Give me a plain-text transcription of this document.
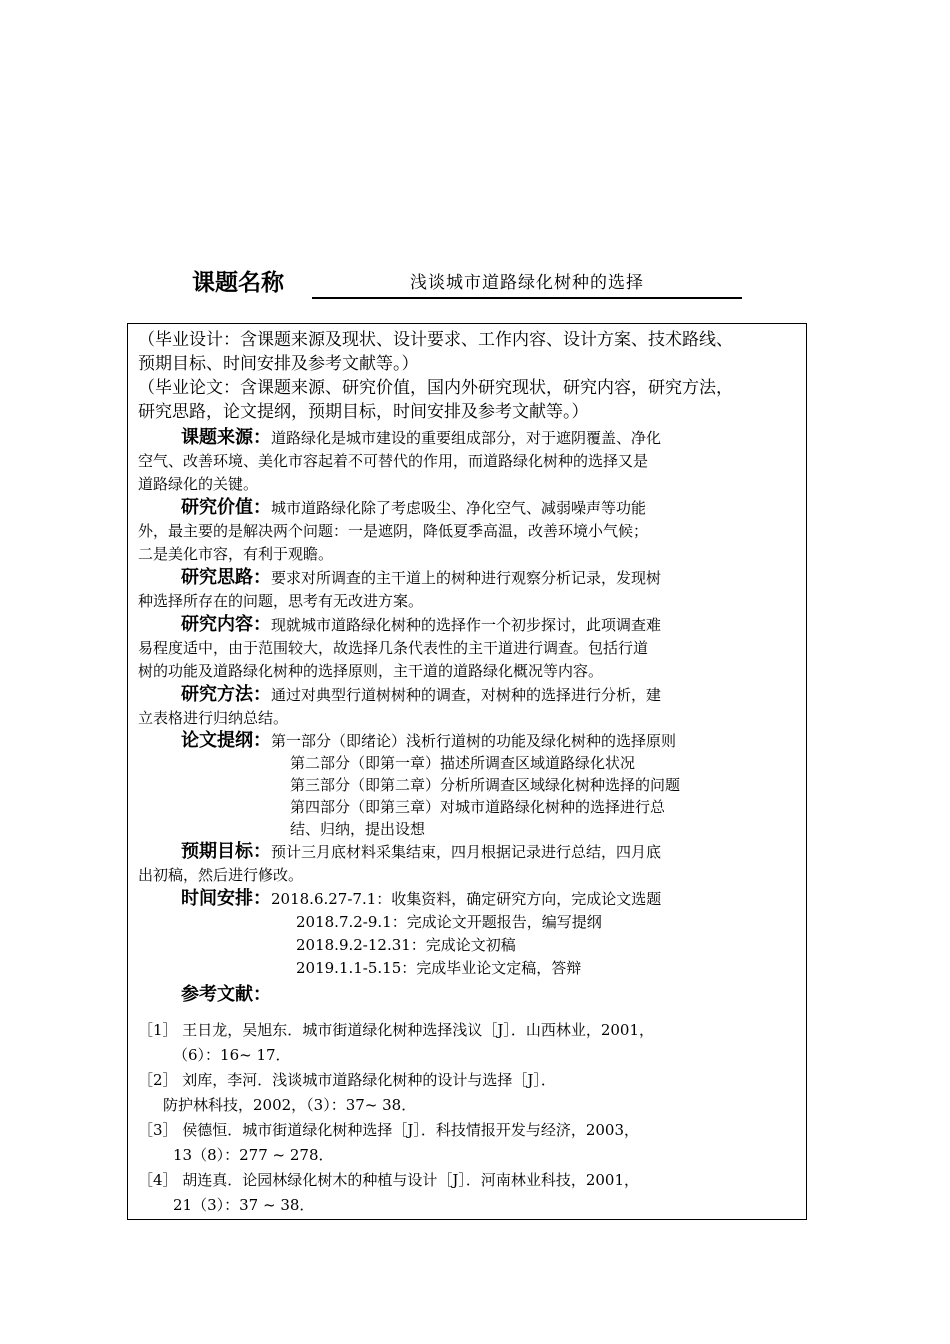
课题名称	浅谈城市道路绿化树种的选择

（毕业设计：含课题来源及现状、设计要求、工作内容、设计方案、技术路线、

预期目标、时间安排及参考文献等。）

（毕业论文：含课题来源、研究价值，国内外研究现状，研究内容，研究方法，

研究思路，论文提纲，预期目标，时间安排及参考文献等。）

课题来源：道路绿化是城市建设的重要组成部分，对于遮阴覆盖、净化

空气、改善环境、美化市容起着不可替代的作用，而道路绿化树种的选择又是

道路绿化的关键。

研究价值：城市道路绿化除了考虑吸尘、净化空气、减弱噪声等功能

外，最主要的是解决两个问题：一是遮阴，降低夏季高温，改善环境小气候；

二是美化市容，有利于观瞻。

研究思路：要求对所调查的主干道上的树种进行观察分析记录，发现树

种选择所存在的问题，思考有无改进方案。

研究内容：现就城市道路绿化树种的选择作一个初步探讨，此项调查难

易程度适中，由于范围较大，故选择几条代表性的主干道进行调查。包括行道

树的功能及道路绿化树种的选择原则，主干道的道路绿化概况等内容。

研究方法：通过对典型行道树树种的调查，对树种的选择进行分析，建

立表格进行归纳总结。

论文提纲：第一部分（即绪论）浅析行道树的功能及绿化树种的选择原则

第二部分（即第一章）描述所调查区域道路绿化状况

第三部分（即第二章）分析所调查区域绿化树种选择的问题

第四部分（即第三章）对城市道路绿化树种的选择进行总

结、归纳，提出设想

预期目标：预计三月底材料采集结束，四月根据记录进行总结，四月底

出初稿，然后进行修改。

时间安排：2018.6.27-7.1：收集资料，确定研究方向，完成论文选题

2018.7.2-9.1：完成论文开题报告，编写提纲

2018.9.2-12.31：完成论文初稿

2019.1.1-5.15：完成毕业论文定稿，答辩

参考文献：

［1］ 王日龙，吴旭东．城市街道绿化树种选择浅议［J］．山西林业，2001，

（6）：16~ 17．

［2］ 刘库，李河．浅谈城市道路绿化树种的设计与选择［J］．

防护林科技，2002，（3）：37~ 38．

［3］ 侯德恒．城市街道绿化树种选择［J］．科技情报开发与经济，2003，

13（8）：277 ~ 278．

［4］ 胡连真．论园林绿化树木的种植与设计［J］．河南林业科技，2001，

21（3）：37 ~ 38．
